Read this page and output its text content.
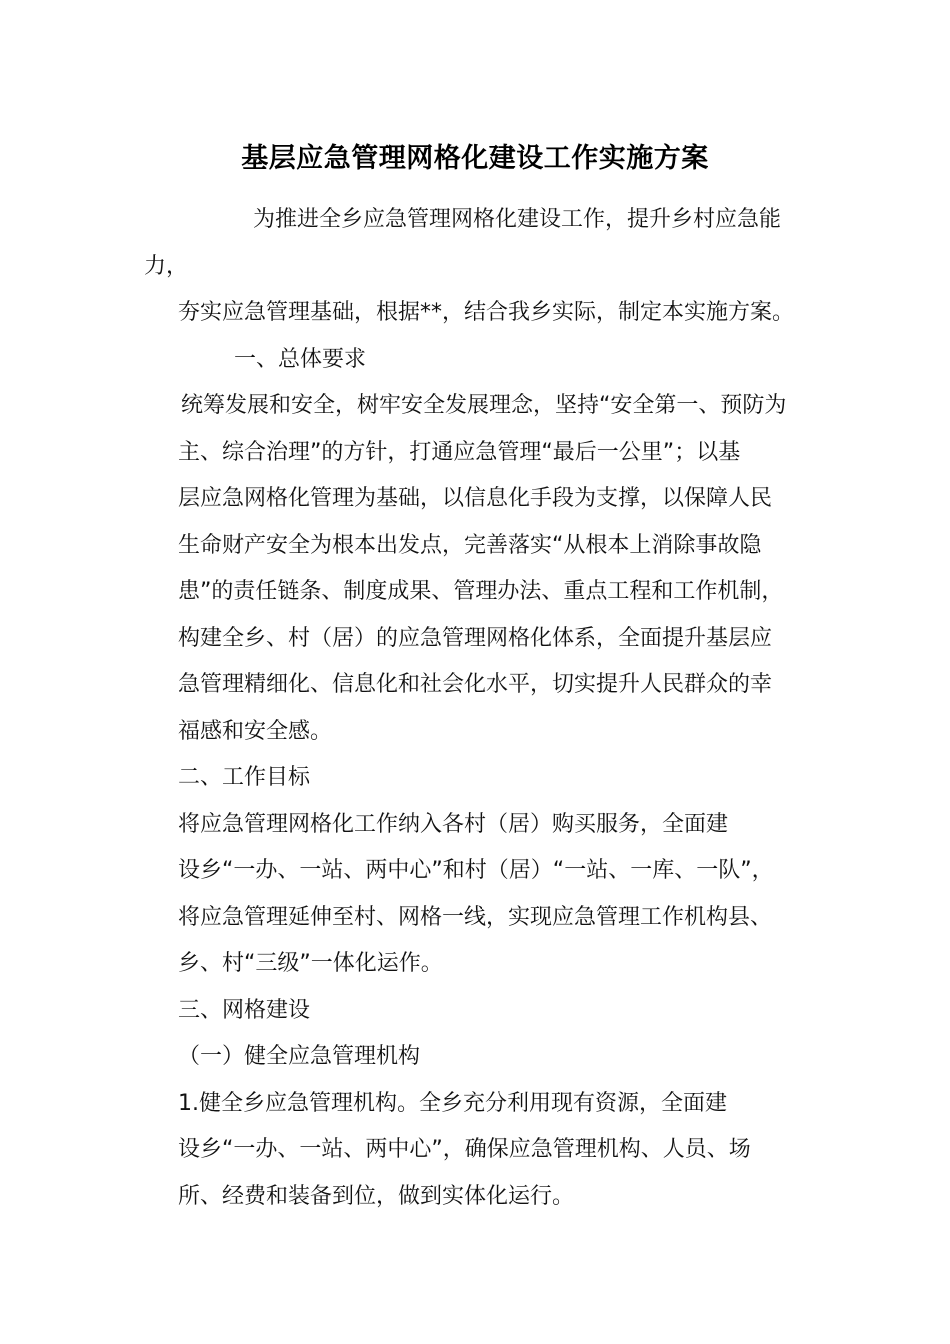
基层应急管理网格化建设工作实施方案
为推进全乡应急管理网格化建设工作，提升乡村应急能
力，
夯实应急管理基础，根据**，结合我乡实际，制定本实施方案。
一、总体要求
统筹发展和安全，树牢安全发展理念，坚持“安全第一、预防为
主、综合治理”的方针，打通应急管理“最后一公里”；以基
层应急网格化管理为基础，以信息化手段为支撑，以保障人民
生命财产安全为根本出发点，完善落实“从根本上消除事故隐
患”的责任链条、制度成果、管理办法、重点工程和工作机制，
构建全乡、村（居）的应急管理网格化体系，全面提升基层应
急管理精细化、信息化和社会化水平，切实提升人民群众的幸
福感和安全感。
二、工作目标
将应急管理网格化工作纳入各村（居）购买服务，全面建
设乡“一办、一站、两中心”和村（居）“一站、一库、一队”，
将应急管理延伸至村、网格一线，实现应急管理工作机构县、
乡、村“三级”一体化运作。
三、网格建设
（一）健全应急管理机构
1.健全乡应急管理机构。全乡充分利用现有资源，全面建
设乡“一办、一站、两中心”，确保应急管理机构、人员、场
所、经费和装备到位，做到实体化运行。
